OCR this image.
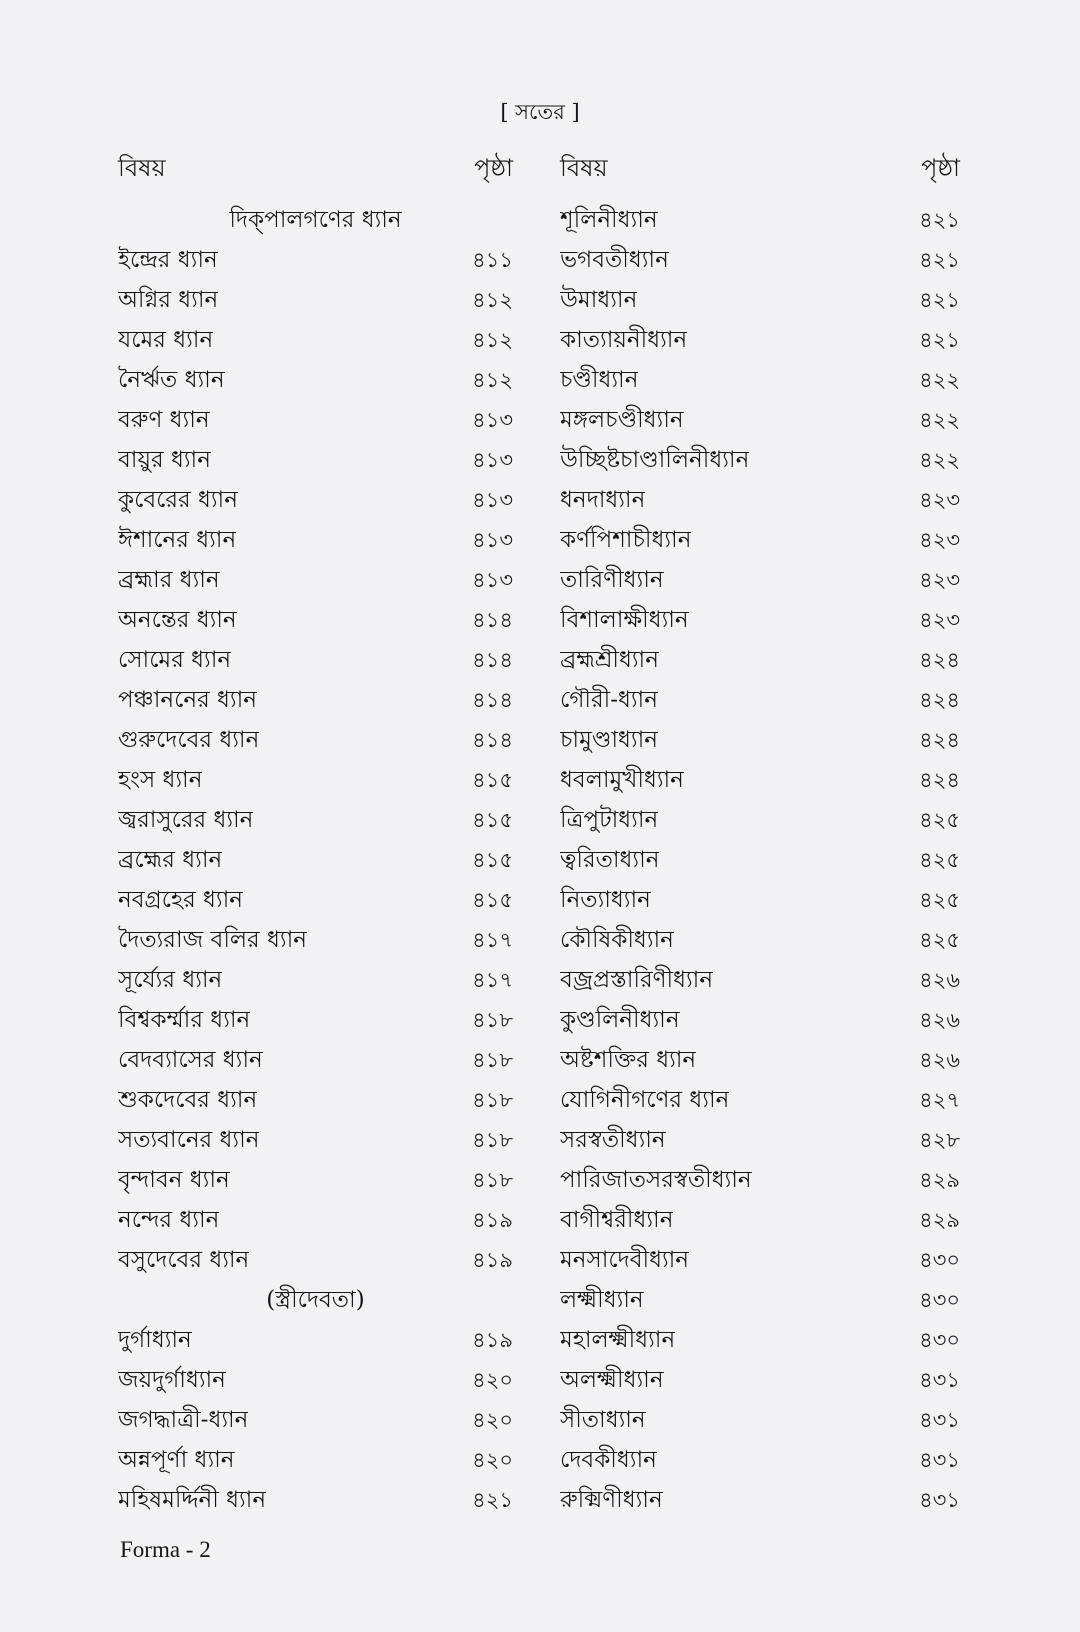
[ সতের ]
বিষয়	পৃষ্ঠা
দিক্‌পালগণের ধ্যান
ইন্দ্রের ধ্যান	৪১১
অগ্নির ধ্যান	৪১২
যমের ধ্যান	৪১২
নৈর্ঋত ধ্যান	৪১২
বরুণ ধ্যান	৪১৩
বায়ুর ধ্যান	৪১৩
কুবেরের ধ্যান	৪১৩
ঈশানের ধ্যান	৪১৩
ব্রহ্মার ধ্যান	৪১৩
অনন্তের ধ্যান	৪১৪
সোমের ধ্যান	৪১৪
পঞ্চাননের ধ্যান	৪১৪
গুরুদেবের ধ্যান	৪১৪
হংস ধ্যান	৪১৫
জ্বরাসুরের ধ্যান	৪১৫
ব্রহ্মের ধ্যান	৪১৫
নবগ্রহের ধ্যান	৪১৫
দৈত্যরাজ বলির ধ্যান	৪১৭
সূর্য্যের ধ্যান	৪১৭
বিশ্বকর্ম্মার ধ্যান	৪১৮
বেদব্যাসের ধ্যান	৪১৮
শুকদেবের ধ্যান	৪১৮
সত্যবানের ধ্যান	৪১৮
বৃন্দাবন ধ্যান	৪১৮
নন্দের ধ্যান	৪১৯
বসুদেবের ধ্যান	৪১৯
(স্ত্রীদেবতা)
দুর্গাধ্যান	৪১৯
জয়দুর্গাধ্যান	৪২০
জগদ্ধাত্রী-ধ্যান	৪২০
অন্নপূর্ণা ধ্যান	৪২০
মহিষমর্দ্দিনী ধ্যান	৪২১
বিষয়	পৃষ্ঠা
শূলিনীধ্যান	৪২১
ভগবতীধ্যান	৪২১
উমাধ্যান	৪২১
কাত্যায়নীধ্যান	৪২১
চণ্ডীধ্যান	৪২২
মঙ্গলচণ্ডীধ্যান	৪২২
উচ্ছিষ্টচাণ্ডালিনীধ্যান	৪২২
ধনদাধ্যান	৪২৩
কর্ণপিশাচীধ্যান	৪২৩
তারিণীধ্যান	৪২৩
বিশালাক্ষীধ্যান	৪২৩
ব্রহ্মশ্রীধ্যান	৪২৪
গৌরী-ধ্যান	৪২৪
চামুণ্ডাধ্যান	৪২৪
ধবলামুখীধ্যান	৪২৪
ত্রিপুটাধ্যান	৪২৫
ত্বরিতাধ্যান	৪২৫
নিত্যাধ্যান	৪২৫
কৌষিকীধ্যান	৪২৫
বজ্রপ্রস্তারিণীধ্যান	৪২৬
কুণ্ডলিনীধ্যান	৪২৬
অষ্টশক্তির ধ্যান	৪২৬
যোগিনীগণের ধ্যান	৪২৭
সরস্বতীধ্যান	৪২৮
পারিজাতসরস্বতীধ্যান	৪২৯
বাগীশ্বরীধ্যান	৪২৯
মনসাদেবীধ্যান	৪৩০
লক্ষ্মীধ্যান	৪৩০
মহালক্ষ্মীধ্যান	৪৩০
অলক্ষ্মীধ্যান	৪৩১
সীতাধ্যান	৪৩১
দেবকীধ্যান	৪৩১
রুক্মিণীধ্যান	৪৩১
Forma - 2
